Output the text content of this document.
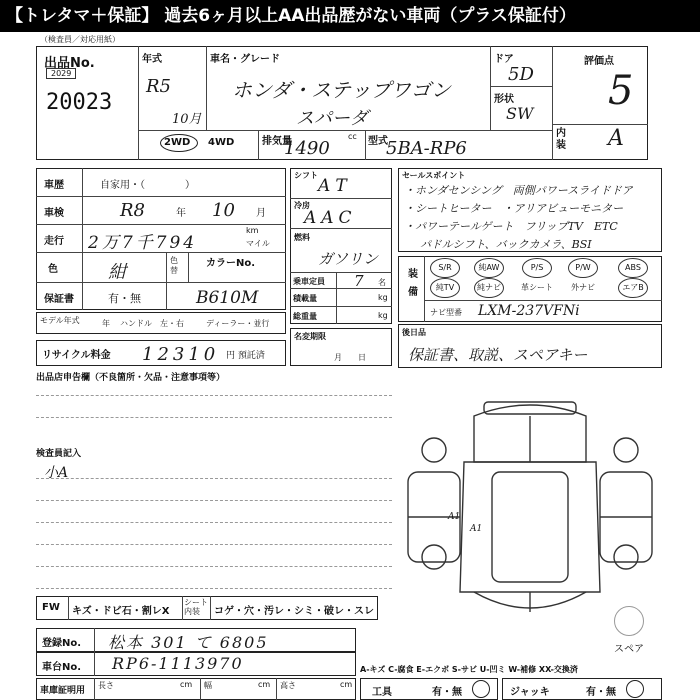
【トレタマ＋保証】 過去6ヶ月以上AA出品歴がない車両（プラス保証付）
（検査員／対応用紙）
出品No.
2029
20023
年式
R5
10月
車名・グレード
ホンダ・ステップワゴン
スパーダ
ドア
5D
形状
SW
評価点
5
内装 A
2WD 4WD	排気量	cc
1490	型式
5BA-RP6
車歴	自家用・（　　　　）
車検	R8	年 10 月
走行 2万7千794
km
マイル
色	紺
色替
カラーNo.
保証書	有・無	B610M
モデル年式	年 ハンドル　左・右	ディーラー・並行
リサイクル料金 12310 円 預託済
シフト
AT
冷房
AAC
燃料
ガソリン
乗車定員 7 名
積載量	kg
総重量	kg
名変期限
月　　日
セールスポイント
・ホンダセンシング　両側パワースライドドア
・シートヒーター　・アリアビューモニター
・パワーテールゲート　フリップTV　ETC
パドルシフト、バックカメラ、BSI
装備
S/R	純AW	P/S	P/W	ABS
純TV	純ナビ	革シート	外ナビ	エアB
ナビ型番 LXM-237VFNi
後日品
保証書、取説、スペアキー
出品店申告欄（不良箇所・欠品・注意事項等）
検査員記入
小A
A1
A1
スペア
FW キズ・ドビ石・割レX
シート内装	コゲ・穴・汚レ・シミ・破レ・スレ
登録No. 松本 301 て 6805
車台No. RP6-1113970	A-キズ C-腐食 E-エクボ S-サビ U-凹ミ W-補修 XX-交換済
車庫証明用
長さ	cm 幅	cm 高さ	cm
工具	有・無	ジャッキ	有・無
